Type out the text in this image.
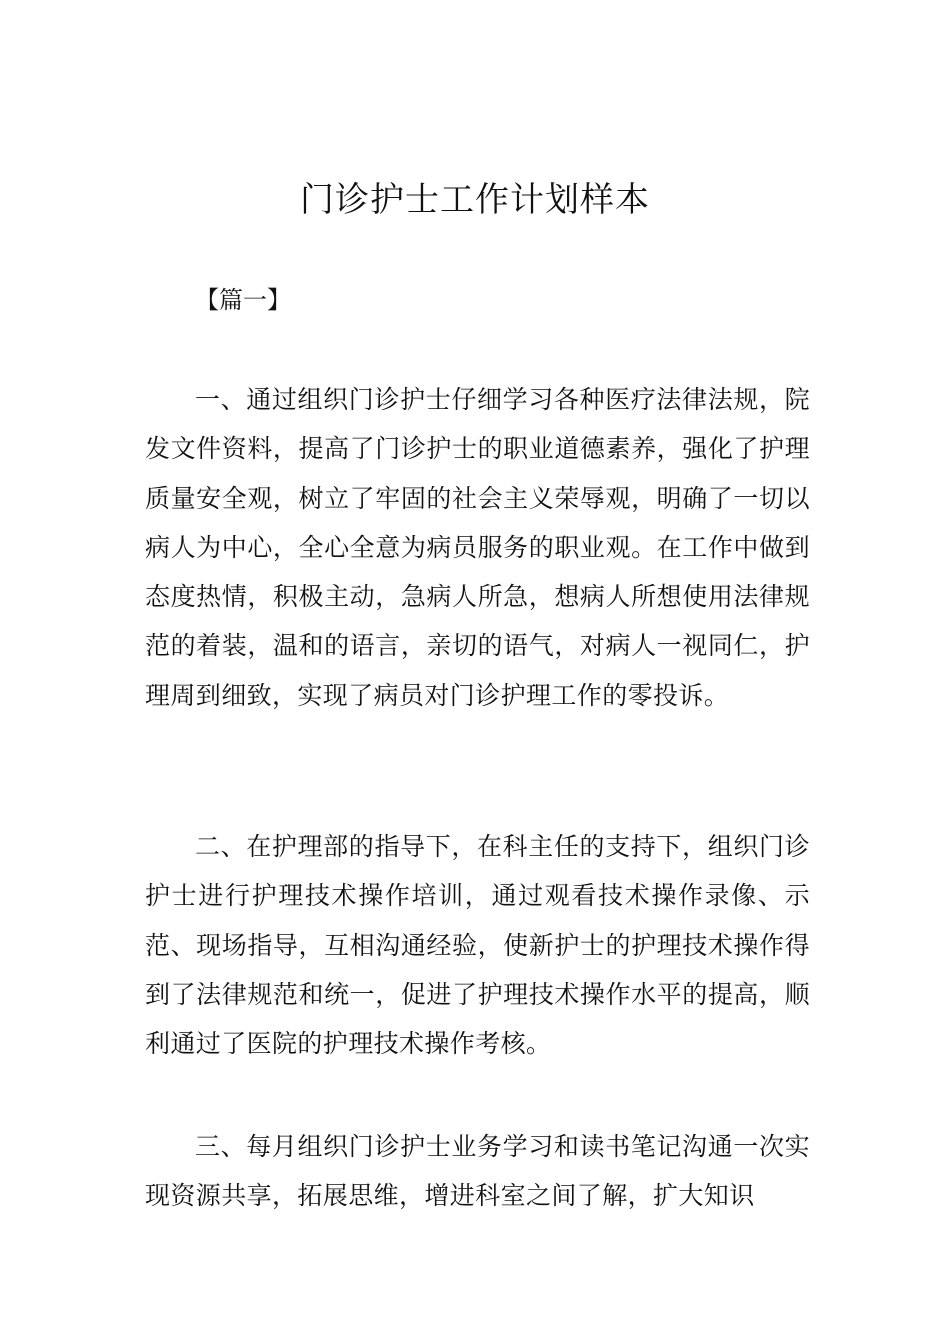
门诊护士工作计划样本

【篇一】

一、通过组织门诊护士仔细学习各种医疗法律法规，院发文件资料，提高了门诊护士的职业道德素养，强化了护理质量安全观，树立了牢固的社会主义荣辱观，明确了一切以病人为中心，全心全意为病员服务的职业观。在工作中做到态度热情，积极主动，急病人所急，想病人所想使用法律规范的着装，温和的语言，亲切的语气，对病人一视同仁，护理周到细致，实现了病员对门诊护理工作的零投诉。

二、在护理部的指导下，在科主任的支持下，组织门诊护士进行护理技术操作培训，通过观看技术操作录像、示范、现场指导，互相沟通经验，使新护士的护理技术操作得到了法律规范和统一，促进了护理技术操作水平的提高，顺利通过了医院的护理技术操作考核。

三、每月组织门诊护士业务学习和读书笔记沟通一次实现资源共享，拓展思维，增进科室之间了解，扩大知识
